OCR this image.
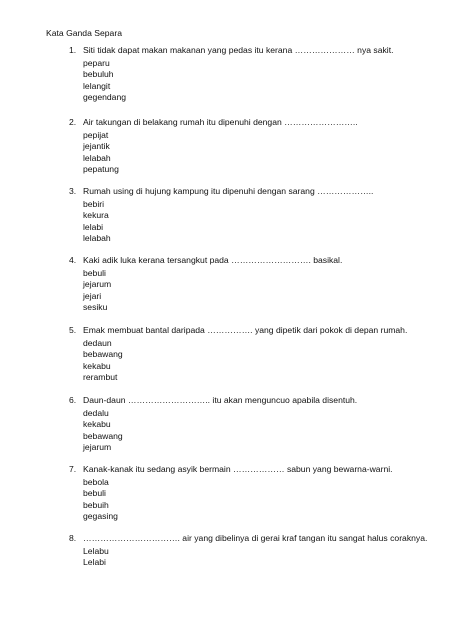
Kata Ganda Separa
1. Siti tidak dapat makan makanan yang pedas itu kerana ………………… nya sakit.
peparu
bebuluh
lelangit
gegendang
2. Air takungan di belakang rumah itu dipenuhi dengan ……………………..
pepijat
jejantik
lelabah
pepatung
3. Rumah using di hujung kampung itu dipenuhi dengan sarang ………………..
bebiri
kekura
lelabi
lelabah
4. Kaki adik luka kerana tersangkut pada ………………………. basikal.
bebuli
jejarum
jejari
sesiku
5. Emak membuat bantal daripada ……………. yang dipetik dari pokok di depan rumah.
dedaun
bebawang
kekabu
rerambut
6. Daun-daun ……………………….. itu akan menguncuo apabila disentuh.
dedalu
kekabu
bebawang
jejarum
7. Kanak-kanak itu sedang asyik bermain ……………… sabun yang bewarna-warni.
bebola
bebuli
bebuih
gegasing
8. ……………………………. air yang dibelinya di gerai kraf tangan itu sangat halus coraknya.
Lelabu
Lelabi
